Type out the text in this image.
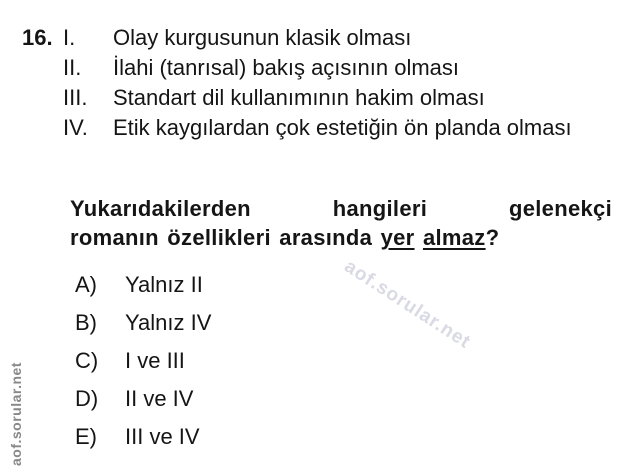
16. I.	Olay kurgusunun klasik olması
II.	İlahi (tanrısal) bakış açısının olması
III.	Standart dil kullanımının hakim olması
IV.	Etik kaygılardan çok estetiğin ön planda olması
Yukarıdakilerden	hangileri	gelenekçi
romanın özellikleri arasında yer almaz?
A)	Yalnız II
B)	Yalnız IV
C)	I ve III
D)	II ve IV
E)	III ve IV
aof.sorular.net
aof.sorular.net
